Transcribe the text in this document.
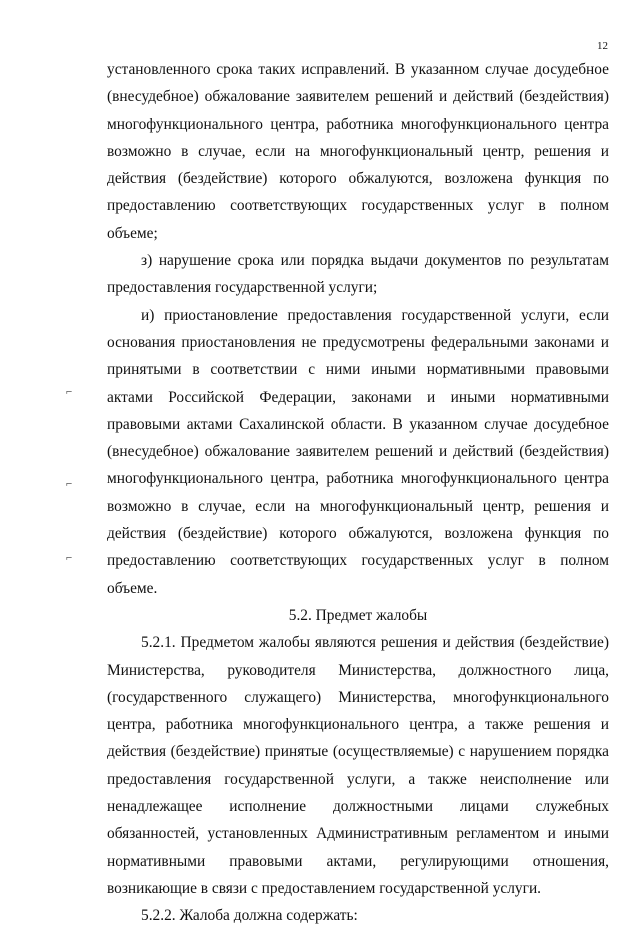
12
⌐
⌐
⌐

установленного срока таких исправлений. В указанном случае досудебное (внесудебное) обжалование заявителем решений и действий (бездействия) многофункционального центра, работника многофункционального центра возможно в случае, если на многофункциональный центр, решения и действия (бездействие) которого обжалуются, возложена функция по предоставлению соответствующих государственных услуг в полном объеме;

з) нарушение срока или порядка выдачи документов по результатам предоставления государственной услуги;

и) приостановление предоставления государственной услуги, если основания приостановления не предусмотрены федеральными законами и принятыми в соответствии с ними иными нормативными правовыми актами Российской Федерации, законами и иными нормативными правовыми актами Сахалинской области. В указанном случае досудебное (внесудебное) обжалование заявителем решений и действий (бездействия) многофункционального центра, работника многофункционального центра возможно в случае, если на многофункциональный центр, решения и действия (бездействие) которого обжалуются, возложена функция по предоставлению соответствующих государственных услуг в полном объеме.

5.2. Предмет жалобы

5.2.1. Предметом жалобы являются решения и действия (бездействие) Министерства, руководителя Министерства, должностного лица, (государственного служащего) Министерства, многофункционального центра, работника многофункционального центра, а также решения и действия (бездействие) принятые (осуществляемые) с нарушением порядка предоставления государственной услуги, а также неисполнение или ненадлежащее исполнение должностными лицами служебных обязанностей, установленных Административным регламентом и иными нормативными правовыми актами, регулирующими отношения, возникающие в связи с предоставлением государственной услуги.

5.2.2. Жалоба должна содержать:
